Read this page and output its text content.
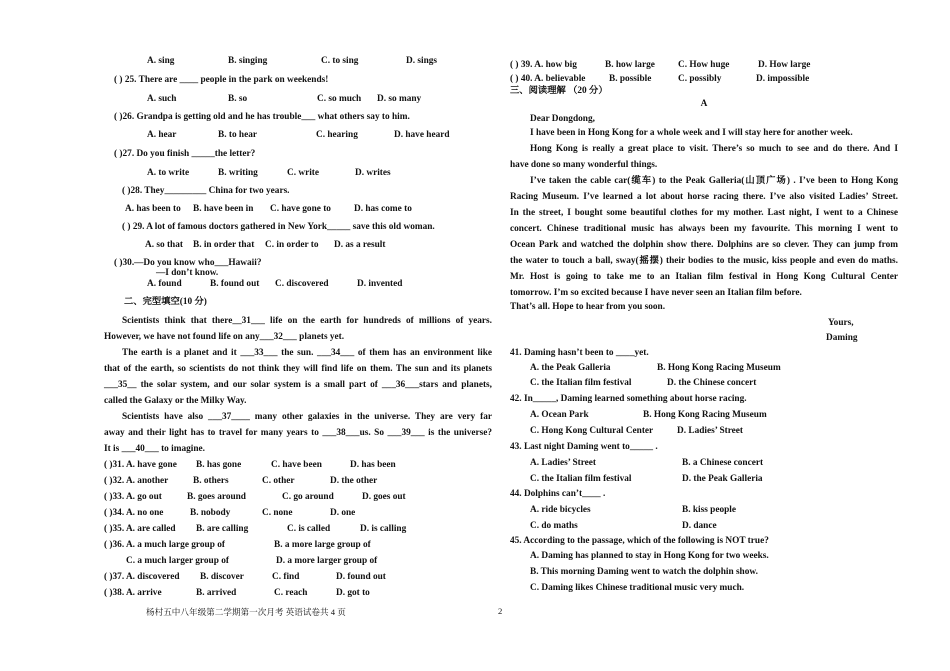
A. sing	B. singing	C. to sing	D. sings
( ) 25. There are ____ people in the park on weekends!
A. such	B. so	C. so much D. so many
( )26. Grandpa is getting old and he has trouble___ what others say to him.
A. hear	B. to hear	C. hearing	D. have heard
( )27. Do you finish _____the letter?
A. to write	B. writing	C. write	D. writes
( )28. They_________ China for two years.
A. has been to B. have been in C. have gone to D. has come to
( ) 29. A lot of famous doctors gathered in New York_____ save this old woman.
A. so that B. in order that C. in order to D. as a result
( )30.—Do you know who___Hawaii?
—I don’t know.
A. found	B. found out C. discovered	D. invented
二、完型填空(10 分)
Scientists think that there__31___ life on the earth for hundreds of millions of years.
However, we have not found life on any___32___ planets yet.
The earth is a planet and it ___33___ the sun. ___34___ of them has an environment like
that of the earth, so scientists do not think they will find life on them. The sun and its planets
___35__ the solar system, and our solar system is a small part of ___36___stars and planets,
called the Galaxy or the Milky Way.
Scientists have also ___37____ many other galaxies in the universe. They are very far
away and their light has to travel for many years to ___38___us. So ___39___ is the universe?
It is ___40___ to imagine.
( )31. A. have gone B. has gone	C. have been	D. has been
( )32. A. another	B. others	C. other	D. the other
( )33. A. go out	B. goes around	C. go around	D. goes out
( )34. A. no one	B. nobody	C. none	D. one
( )35. A. are called B. are calling	C. is called	D. is calling
( )36. A. a much large group of	B. a more large group of
C. a much larger group of	D. a more larger group of
( )37. A. discovered B. discover	C. find	D. found out
( )38. A. arrive	B. arrived	C. reach	D. got to
杨村五中八年级第二学期第一次月考 英语试卷共 4 页	2
( ) 39. A. how big	B. how large C. How huge	D. How large
( ) 40. A. believable	B. possible	C. possibly	D. impossible
三、阅读理解 （20 分）
A
Dear Dongdong,
I have been in Hong Kong for a whole week and I will stay here for another week.
Hong Kong is really a great place to visit. There’s so much to see and do there. And I
have done so many wonderful things.
I’ve taken the cable car(缆车) to the Peak Galleria(山顶广场) . I’ve been to Hong Kong
Racing Museum. I’ve learned a lot about horse racing there. I’ve also visited Ladies’ Street.
In the street, I bought some beautiful clothes for my mother. Last night, I went to a Chinese
concert. Chinese traditional music has always been my favourite. This morning I went to
Ocean Park and watched the dolphin show there. Dolphins are so clever. They can jump from
the water to touch a ball, sway(摇摆) their bodies to the music, kiss people and even do maths.
Mr. Host is going to take me to an Italian film festival in Hong Kong Cultural Center
tomorrow. I’m so excited because I have never seen an Italian film before.
That’s all. Hope to hear from you soon.
Yours,
Daming
41. Daming hasn’t been to ____yet.
A. the Peak Galleria	B. Hong Kong Racing Museum
C. the Italian film festival	D. the Chinese concert
42. In_____, Daming learned something about horse racing.
A. Ocean Park	B. Hong Kong Racing Museum
C. Hong Kong Cultural Center	D. Ladies’ Street
43. Last night Daming went to_____ .
A. Ladies’ Street	B. a Chinese concert
C. the Italian film festival	D. the Peak Galleria
44. Dolphins can’t____ .
A. ride bicycles	B. kiss people
C. do maths	D. dance
45. According to the passage, which of the following is NOT true?
A. Daming has planned to stay in Hong Kong for two weeks.
B. This morning Daming went to watch the dolphin show.
C. Daming likes Chinese traditional music very much.
